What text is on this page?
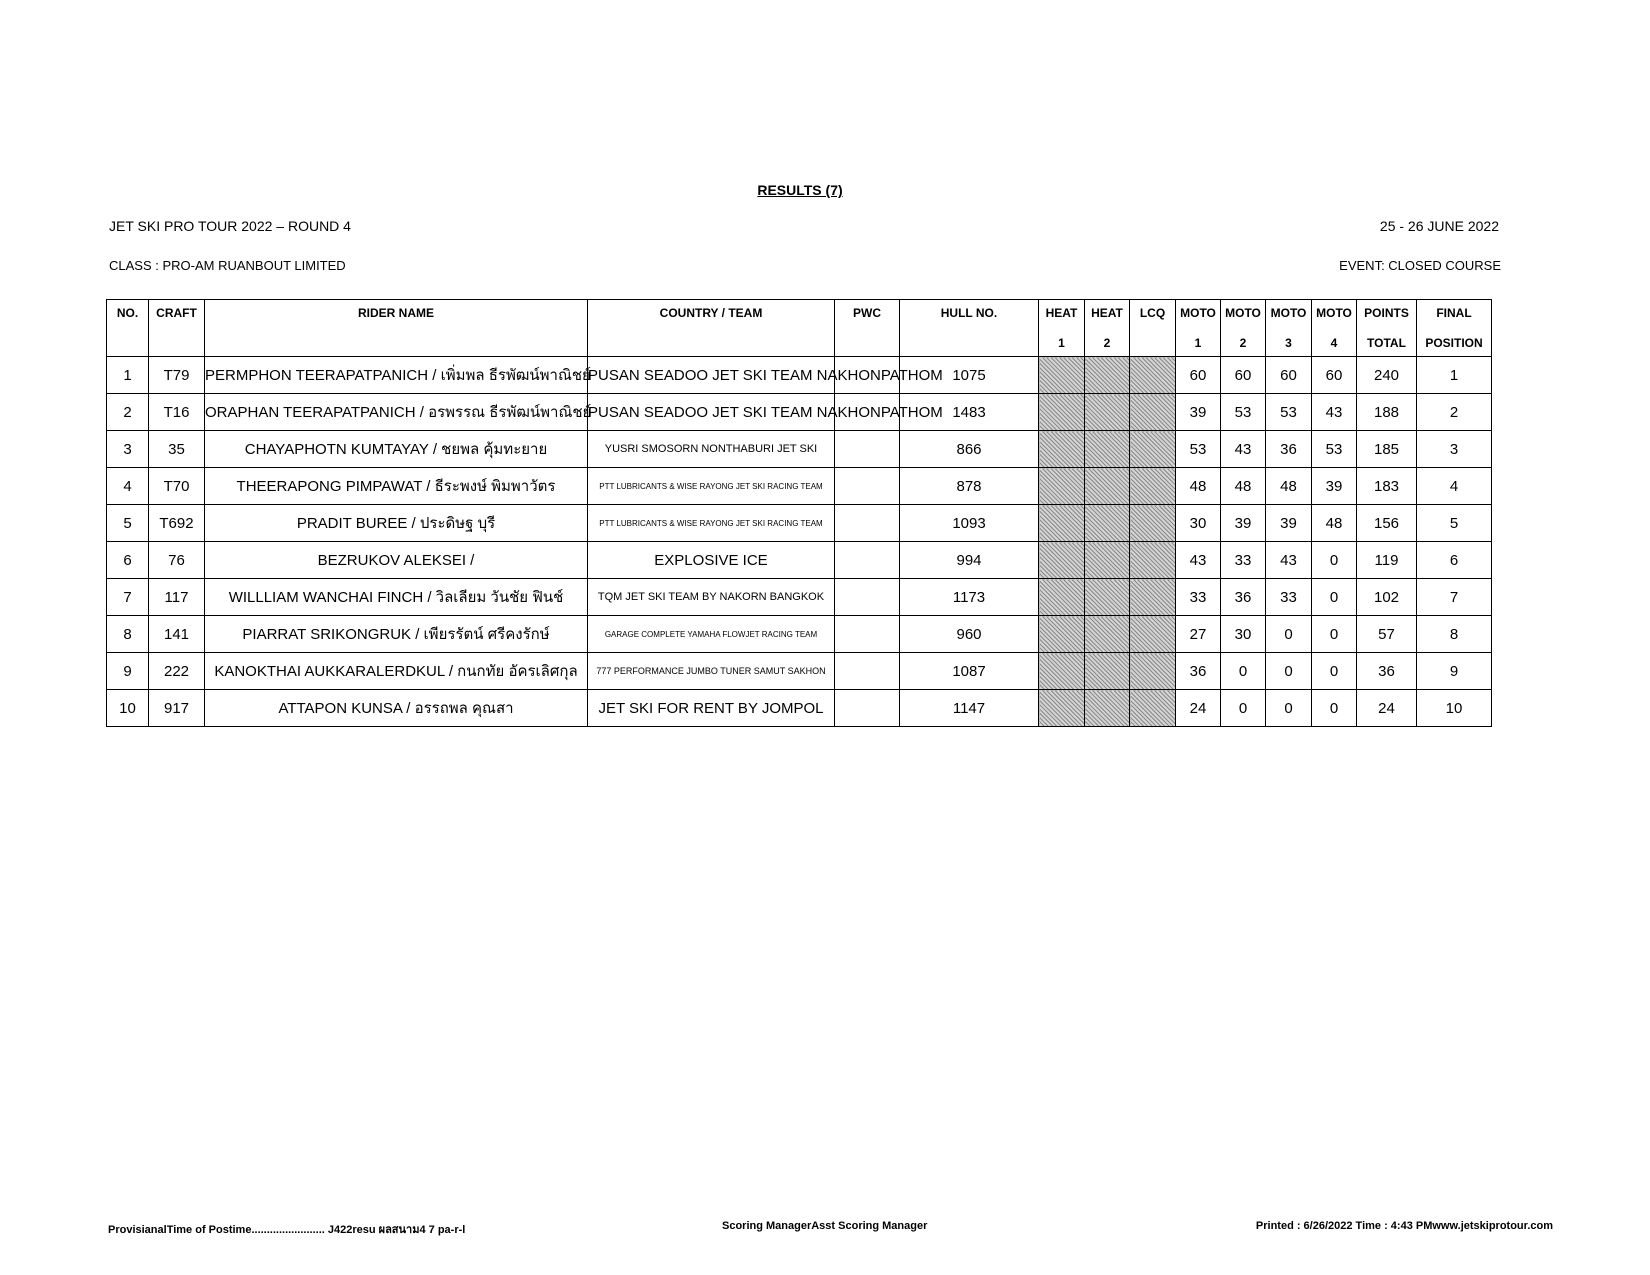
RESULTS (7)
JET SKI PRO TOUR 2022 – ROUND 4	25 - 26 JUNE 2022
CLASS : PRO-AM RUANBOUT LIMITED	EVENT: CLOSED COURSE
NO.	CRAFT	RIDER NAME	COUNTRY / TEAM	PWC	HULL NO.	HEAT	HEAT	LCQ	MOTO	MOTO	MOTO	MOTO	POINTS	FINAL
						1	2		1	2	3	4	TOTAL	POSITION
1	T79	PERMPHON TEERAPATPANICH / เพิ่มพล ธีรพัฒน์พาณิชย์	PUSAN SEADOO JET SKI TEAM NAKHONPATHOM		1075				60	60	60	60	240	1
2	T16	ORAPHAN TEERAPATPANICH / อรพรรณ ธีรพัฒน์พาณิชย์	PUSAN SEADOO JET SKI TEAM NAKHONPATHOM		1483				39	53	53	43	188	2
3	35	CHAYAPHOTN KUMTAYAY / ชยพล คุ้มทะยาย	YUSRI SMOSORN NONTHABURI JET SKI		866				53	43	36	53	185	3
4	T70	THEERAPONG PIMPAWAT / ธีระพงษ์ พิมพาวัตร	PTT LUBRICANTS & WISE RAYONG JET SKI RACING TEAM		878				48	48	48	39	183	4
5	T692	PRADIT BUREE / ประดิษฐ บุรี	PTT LUBRICANTS & WISE RAYONG JET SKI RACING TEAM		1093				30	39	39	48	156	5
6	76	BEZRUKOV ALEKSEI /	EXPLOSIVE ICE		994				43	33	43	0	119	6
7	117	WILLLIAM WANCHAI FINCH / วิลเลียม วันชัย ฟินช์	TQM JET SKI TEAM BY NAKORN BANGKOK		1173				33	36	33	0	102	7
8	141	PIARRAT SRIKONGRUK / เพียรรัตน์ ศรีคงรักษ์	GARAGE COMPLETE YAMAHA FLOWJET RACING TEAM		960				27	30	0	0	57	8
9	222	KANOKTHAI AUKKARALERDKUL / กนกทัย อัครเลิศกุล	777 PERFORMANCE JUMBO TUNER SAMUT SAKHON		1087				36	0	0	0	36	9
10	917	ATTAPON KUNSA / อรรถพล คุณสา	JET SKI FOR RENT BY JOMPOL		1147				24	0	0	0	24	10
ProvisianalTime of Postime........................ J422resu ผลสนาม4 7 pa-r-l	Scoring ManagerAsst Scoring Manager	Printed : 6/26/2022 Time : 4:43 PMwww.jetskiprotour.com
